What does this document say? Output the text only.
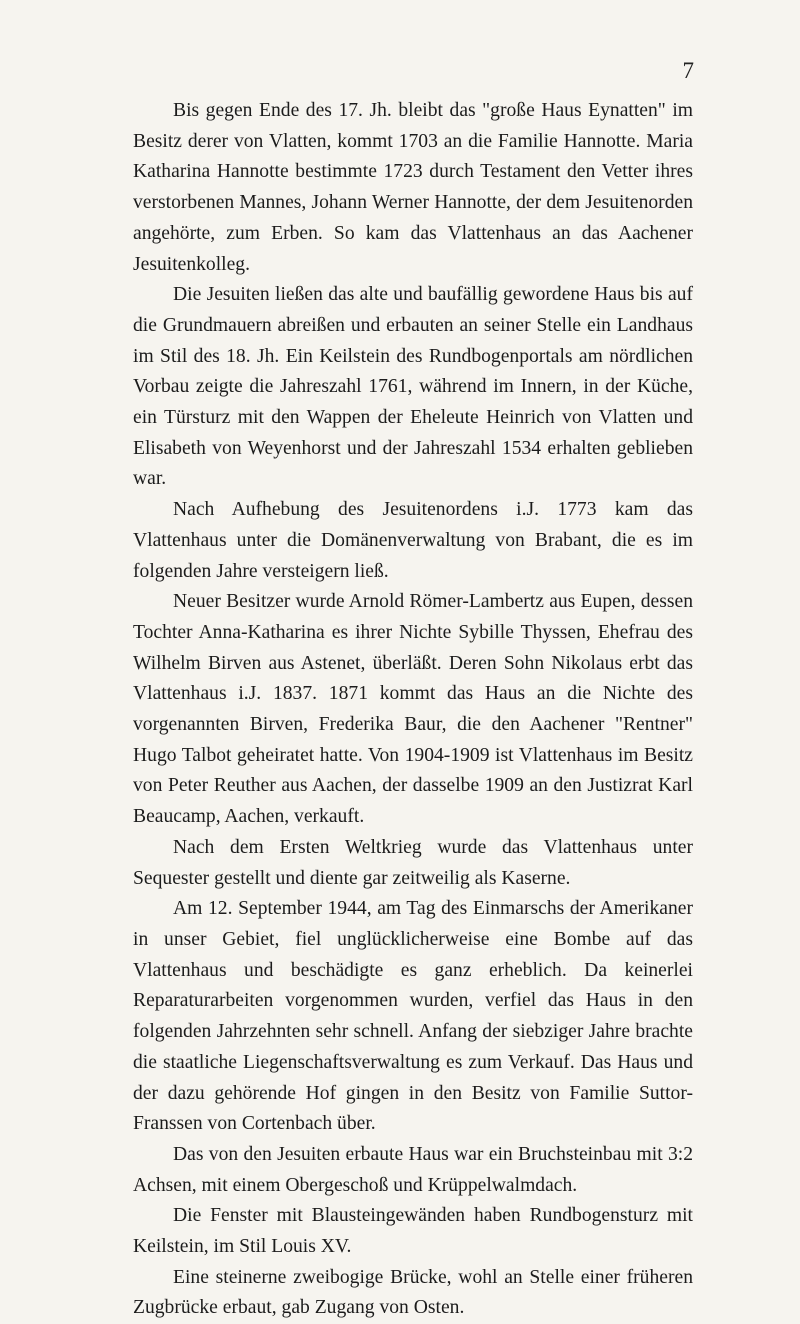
7

Bis gegen Ende des 17. Jh. bleibt das "große Haus Eynatten" im Besitz derer von Vlatten, kommt 1703 an die Familie Hannotte. Maria Katharina Hannotte bestimmte 1723 durch Testament den Vetter ihres verstorbenen Mannes, Johann Werner Hannotte, der dem Jesuitenorden angehörte, zum Erben. So kam das Vlattenhaus an das Aachener Jesuitenkolleg.

Die Jesuiten ließen das alte und baufällig gewordene Haus bis auf die Grundmauern abreißen und erbauten an seiner Stelle ein Landhaus im Stil des 18. Jh. Ein Keilstein des Rundbogenportals am nördlichen Vorbau zeigte die Jahreszahl 1761, während im Innern, in der Küche, ein Türsturz mit den Wappen der Eheleute Heinrich von Vlatten und Elisabeth von Weyenhorst und der Jahreszahl 1534 erhalten geblieben war.

Nach Aufhebung des Jesuitenordens i.J. 1773 kam das Vlattenhaus unter die Domänenverwaltung von Brabant, die es im folgenden Jahre versteigern ließ.

Neuer Besitzer wurde Arnold Römer-Lambertz aus Eupen, dessen Tochter Anna-Katharina es ihrer Nichte Sybille Thyssen, Ehefrau des Wilhelm Birven aus Astenet, überläßt. Deren Sohn Nikolaus erbt das Vlattenhaus i.J. 1837. 1871 kommt das Haus an die Nichte des vorgenannten Birven, Frederika Baur, die den Aachener "Rentner" Hugo Talbot geheiratet hatte. Von 1904-1909 ist Vlattenhaus im Besitz von Peter Reuther aus Aachen, der dasselbe 1909 an den Justizrat Karl Beaucamp, Aachen, verkauft.

Nach dem Ersten Weltkrieg wurde das Vlattenhaus unter Sequester gestellt und diente gar zeitweilig als Kaserne.

Am 12. September 1944, am Tag des Einmarschs der Amerikaner in unser Gebiet, fiel unglücklicherweise eine Bombe auf das Vlattenhaus und beschädigte es ganz erheblich. Da keinerlei Reparaturarbeiten vorgenommen wurden, verfiel das Haus in den folgenden Jahrzehnten sehr schnell. Anfang der siebziger Jahre brachte die staatliche Liegenschaftsverwaltung es zum Verkauf. Das Haus und der dazu gehörende Hof gingen in den Besitz von Familie Suttor-Franssen von Cortenbach über.

Das von den Jesuiten erbaute Haus war ein Bruchsteinbau mit 3:2 Achsen, mit einem Obergeschoß und Krüppelwalmdach.

Die Fenster mit Blausteingewänden haben Rundbogensturz mit Keilstein, im Stil Louis XV.

Eine steinerne zweibogige Brücke, wohl an Stelle einer früheren Zugbrücke erbaut, gab Zugang von Osten.
